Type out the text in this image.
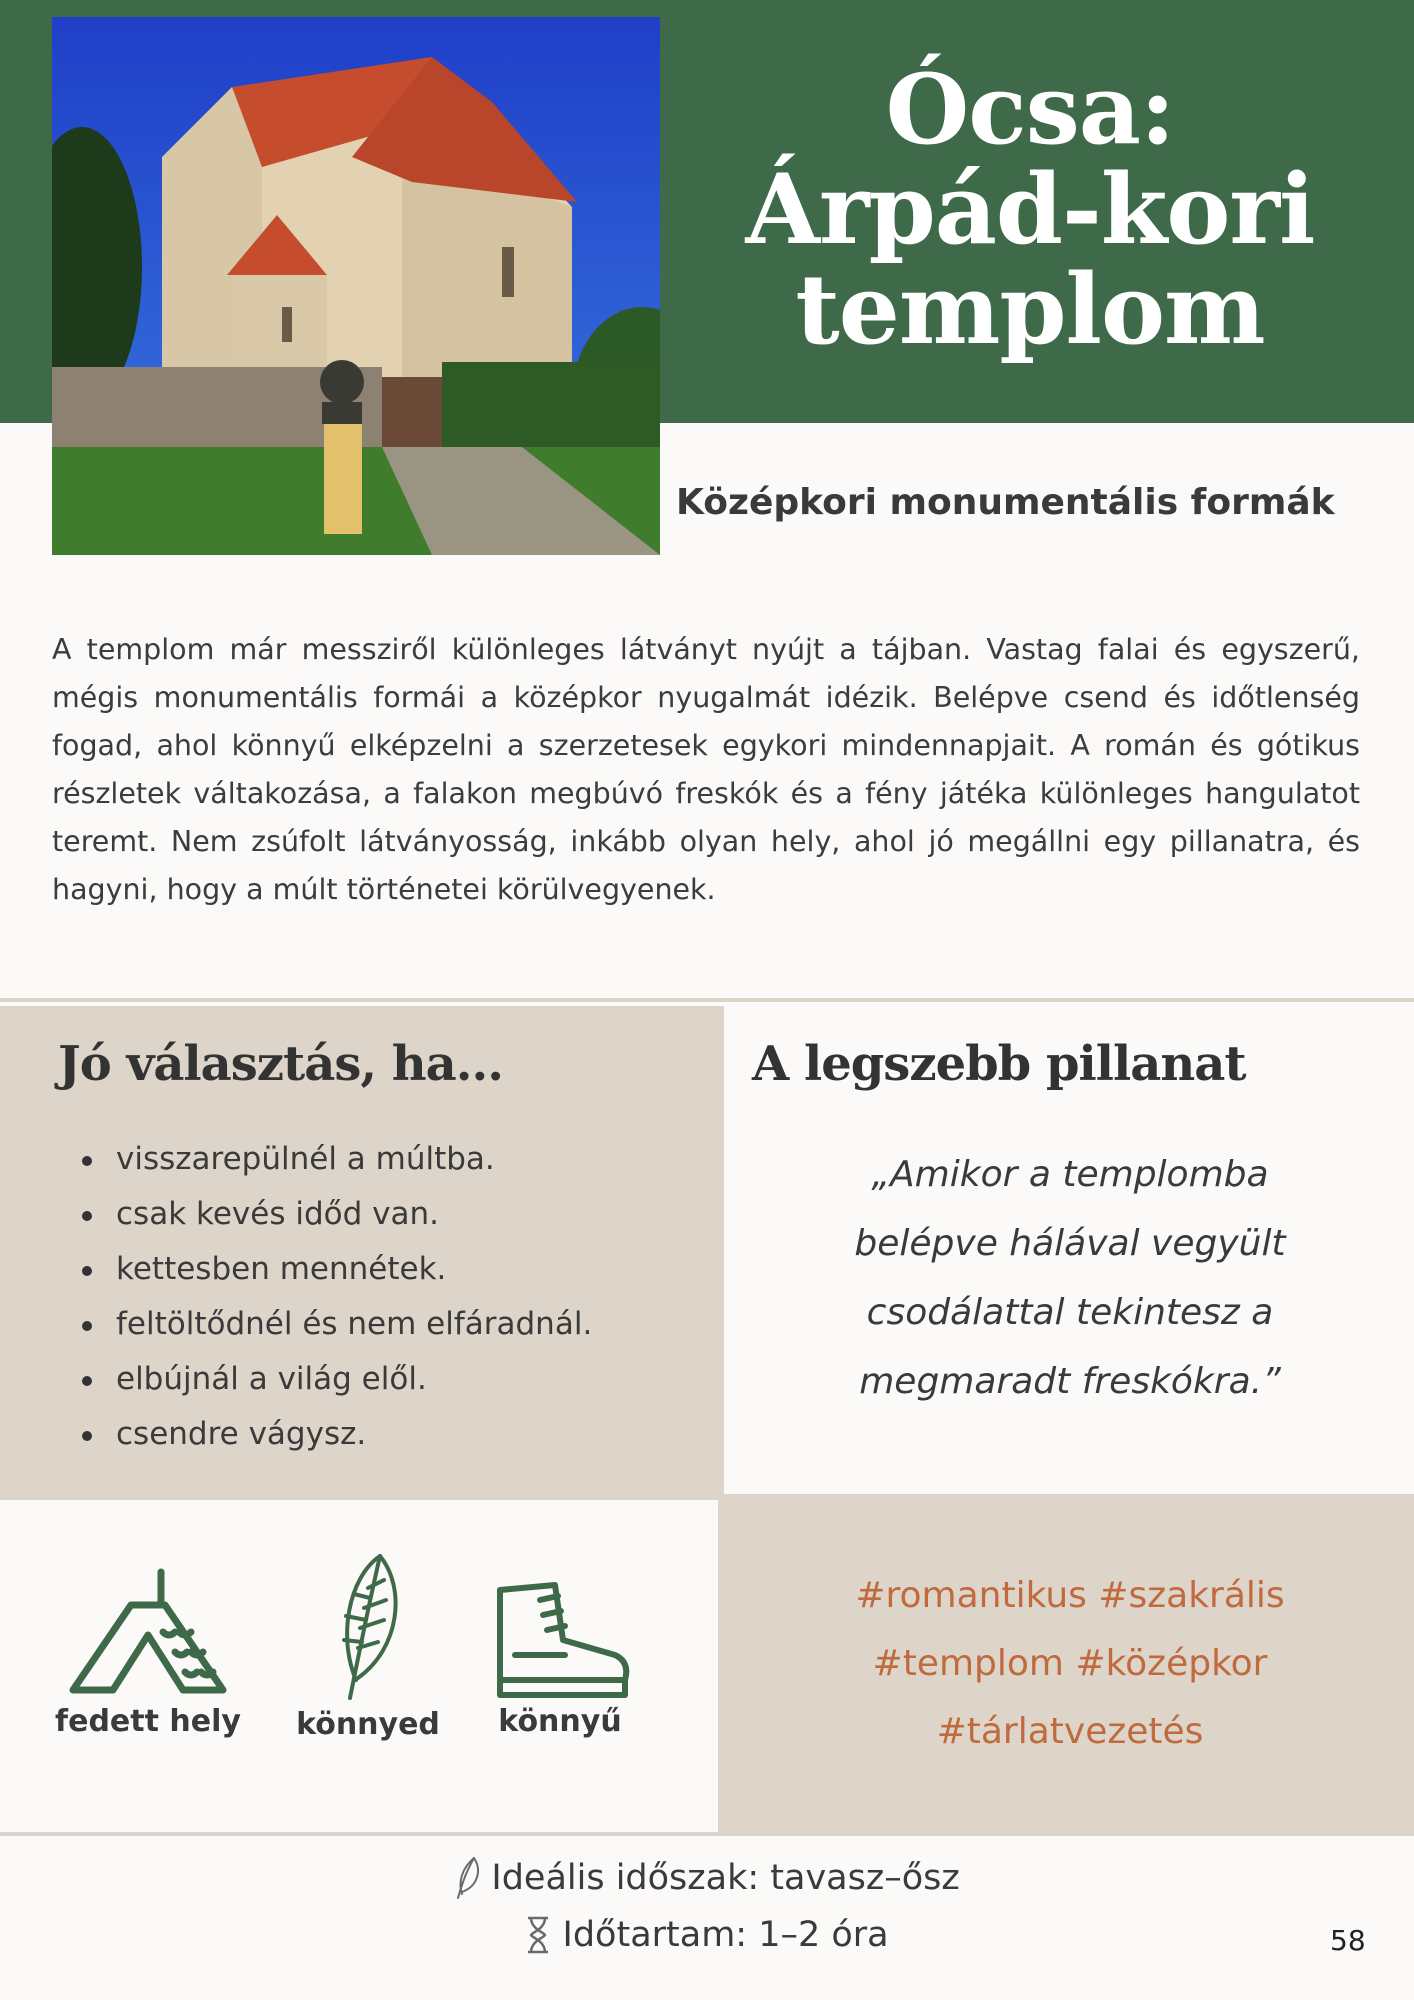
Ócsa:
Árpád-kori
templom
Középkori monumentális formák
A templom már messziről különleges látványt nyújt a tájban. Vastag falai és egyszerű, mégis monumentális formái a középkor nyugalmát idézik. Belépve csend és időtlenség fogad, ahol könnyű elképzelni a szerzetesek egykori mindennapjait. A román és gótikus részletek váltakozása, a falakon megbúvó freskók és a fény játéka különleges hangulatot teremt. Nem zsúfolt látványosság, inkább olyan hely, ahol jó megállni egy pillanatra, és hagyni, hogy a múlt történetei körülvegyenek.
Jó választás, ha...
visszarepülnél a múltba.
csak kevés időd van.
kettesben mennétek.
feltöltődnél és nem elfáradnál.
elbújnál a világ elől.
csendre vágysz.
A legszebb pillanat
„Amikor a templomba
belépve hálával vegyült
csodálattal tekintesz a
megmaradt freskókra.”
fedett hely	könnyed	könnyű
#romantikus #szakrális
#templom #középkor
#tárlatvezetés
Ideális időszak: tavasz–ősz
Időtartam: 1–2 óra	58
